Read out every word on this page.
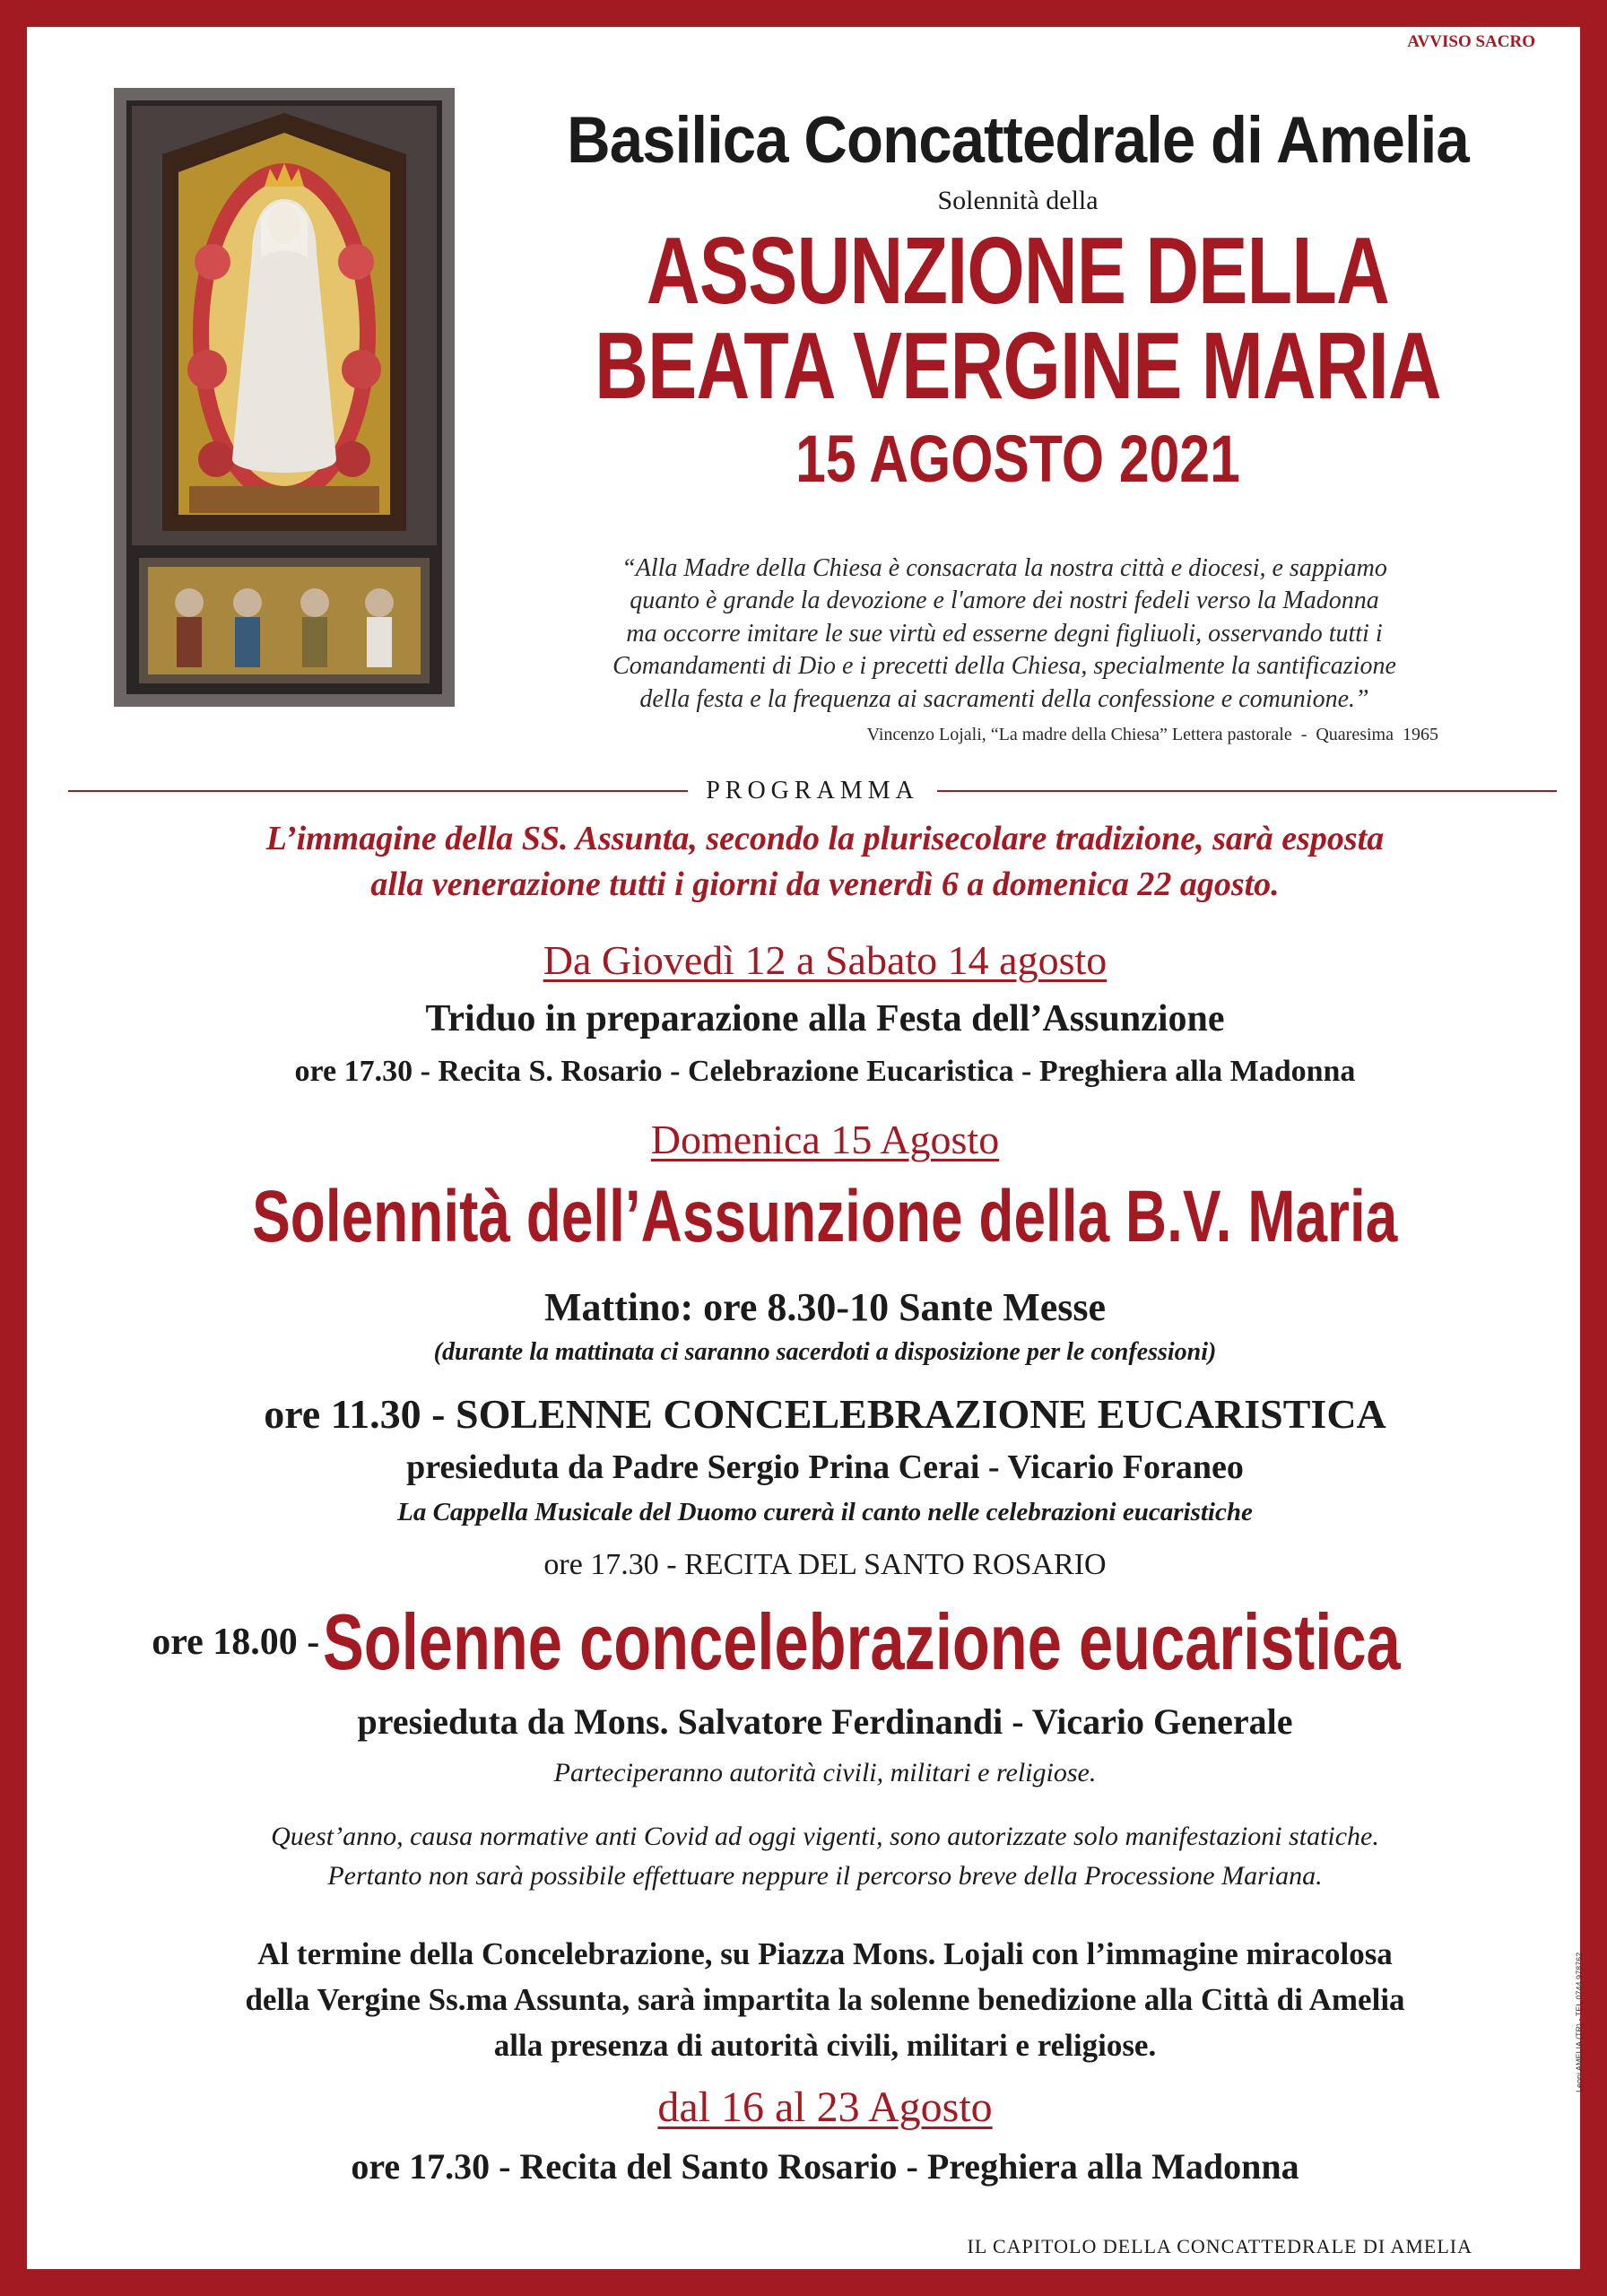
AVVISO SACRO
Basilica Concattedrale di Amelia
Solennità della
ASSUNZIONE DELLA
BEATA VERGINE MARIA
15 AGOSTO 2021
“Alla Madre della Chiesa è consacrata la nostra città e diocesi, e sappiamo
quanto è grande la devozione e l'amore dei nostri fedeli verso la Madonna
ma occorre imitare le sue virtù ed esserne degni figliuoli, osservando tutti i
Comandamenti di Dio e i precetti della Chiesa, specialmente la santificazione
della festa e la frequenza ai sacramenti della confessione e comunione.”
Vincenzo Lojali, “La madre della Chiesa” Lettera pastorale  -  Quaresima  1965
PROGRAMMA
L’immagine della SS. Assunta, secondo la plurisecolare tradizione, sarà esposta
alla venerazione tutti i giorni da venerdì 6 a domenica 22 agosto.
Da Giovedì 12 a Sabato 14 agosto
Triduo in preparazione alla Festa dell’Assunzione
ore 17.30 - Recita S. Rosario - Celebrazione Eucaristica - Preghiera alla Madonna
Domenica 15 Agosto
Solennità dell’Assunzione della B.V. Maria
Mattino: ore 8.30-10 Sante Messe
(durante la mattinata ci saranno sacerdoti a disposizione per le confessioni)
ore 11.30 - SOLENNE CONCELEBRAZIONE EUCARISTICA
presieduta da Padre Sergio Prina Cerai - Vicario Foraneo
La Cappella Musicale del Duomo curerà il canto nelle celebrazioni eucaristiche
ore 17.30 - RECITA DEL SANTO ROSARIO
ore 18.00 - Solenne concelebrazione eucaristica
presieduta da Mons. Salvatore Ferdinandi - Vicario Generale
Parteciperanno autorità civili, militari e religiose.
Quest’anno, causa normative anti Covid ad oggi vigenti, sono autorizzate solo manifestazioni statiche.
Pertanto non sarà possibile effettuare neppure il percorso breve della Processione Mariana.
Al termine della Concelebrazione, su Piazza Mons. Lojali con l’immagine miracolosa
della Vergine Ss.ma Assunta, sarà impartita la solenne benedizione alla Città di Amelia
alla presenza di autorità civili, militari e religiose.
dal 16 al 23 Agosto
ore 17.30 - Recita del Santo Rosario - Preghiera alla Madonna
IL CAPITOLO DELLA CONCATTEDRALE DI AMELIA
Leoni AMELIA (TR) - TEL 0744 978762
